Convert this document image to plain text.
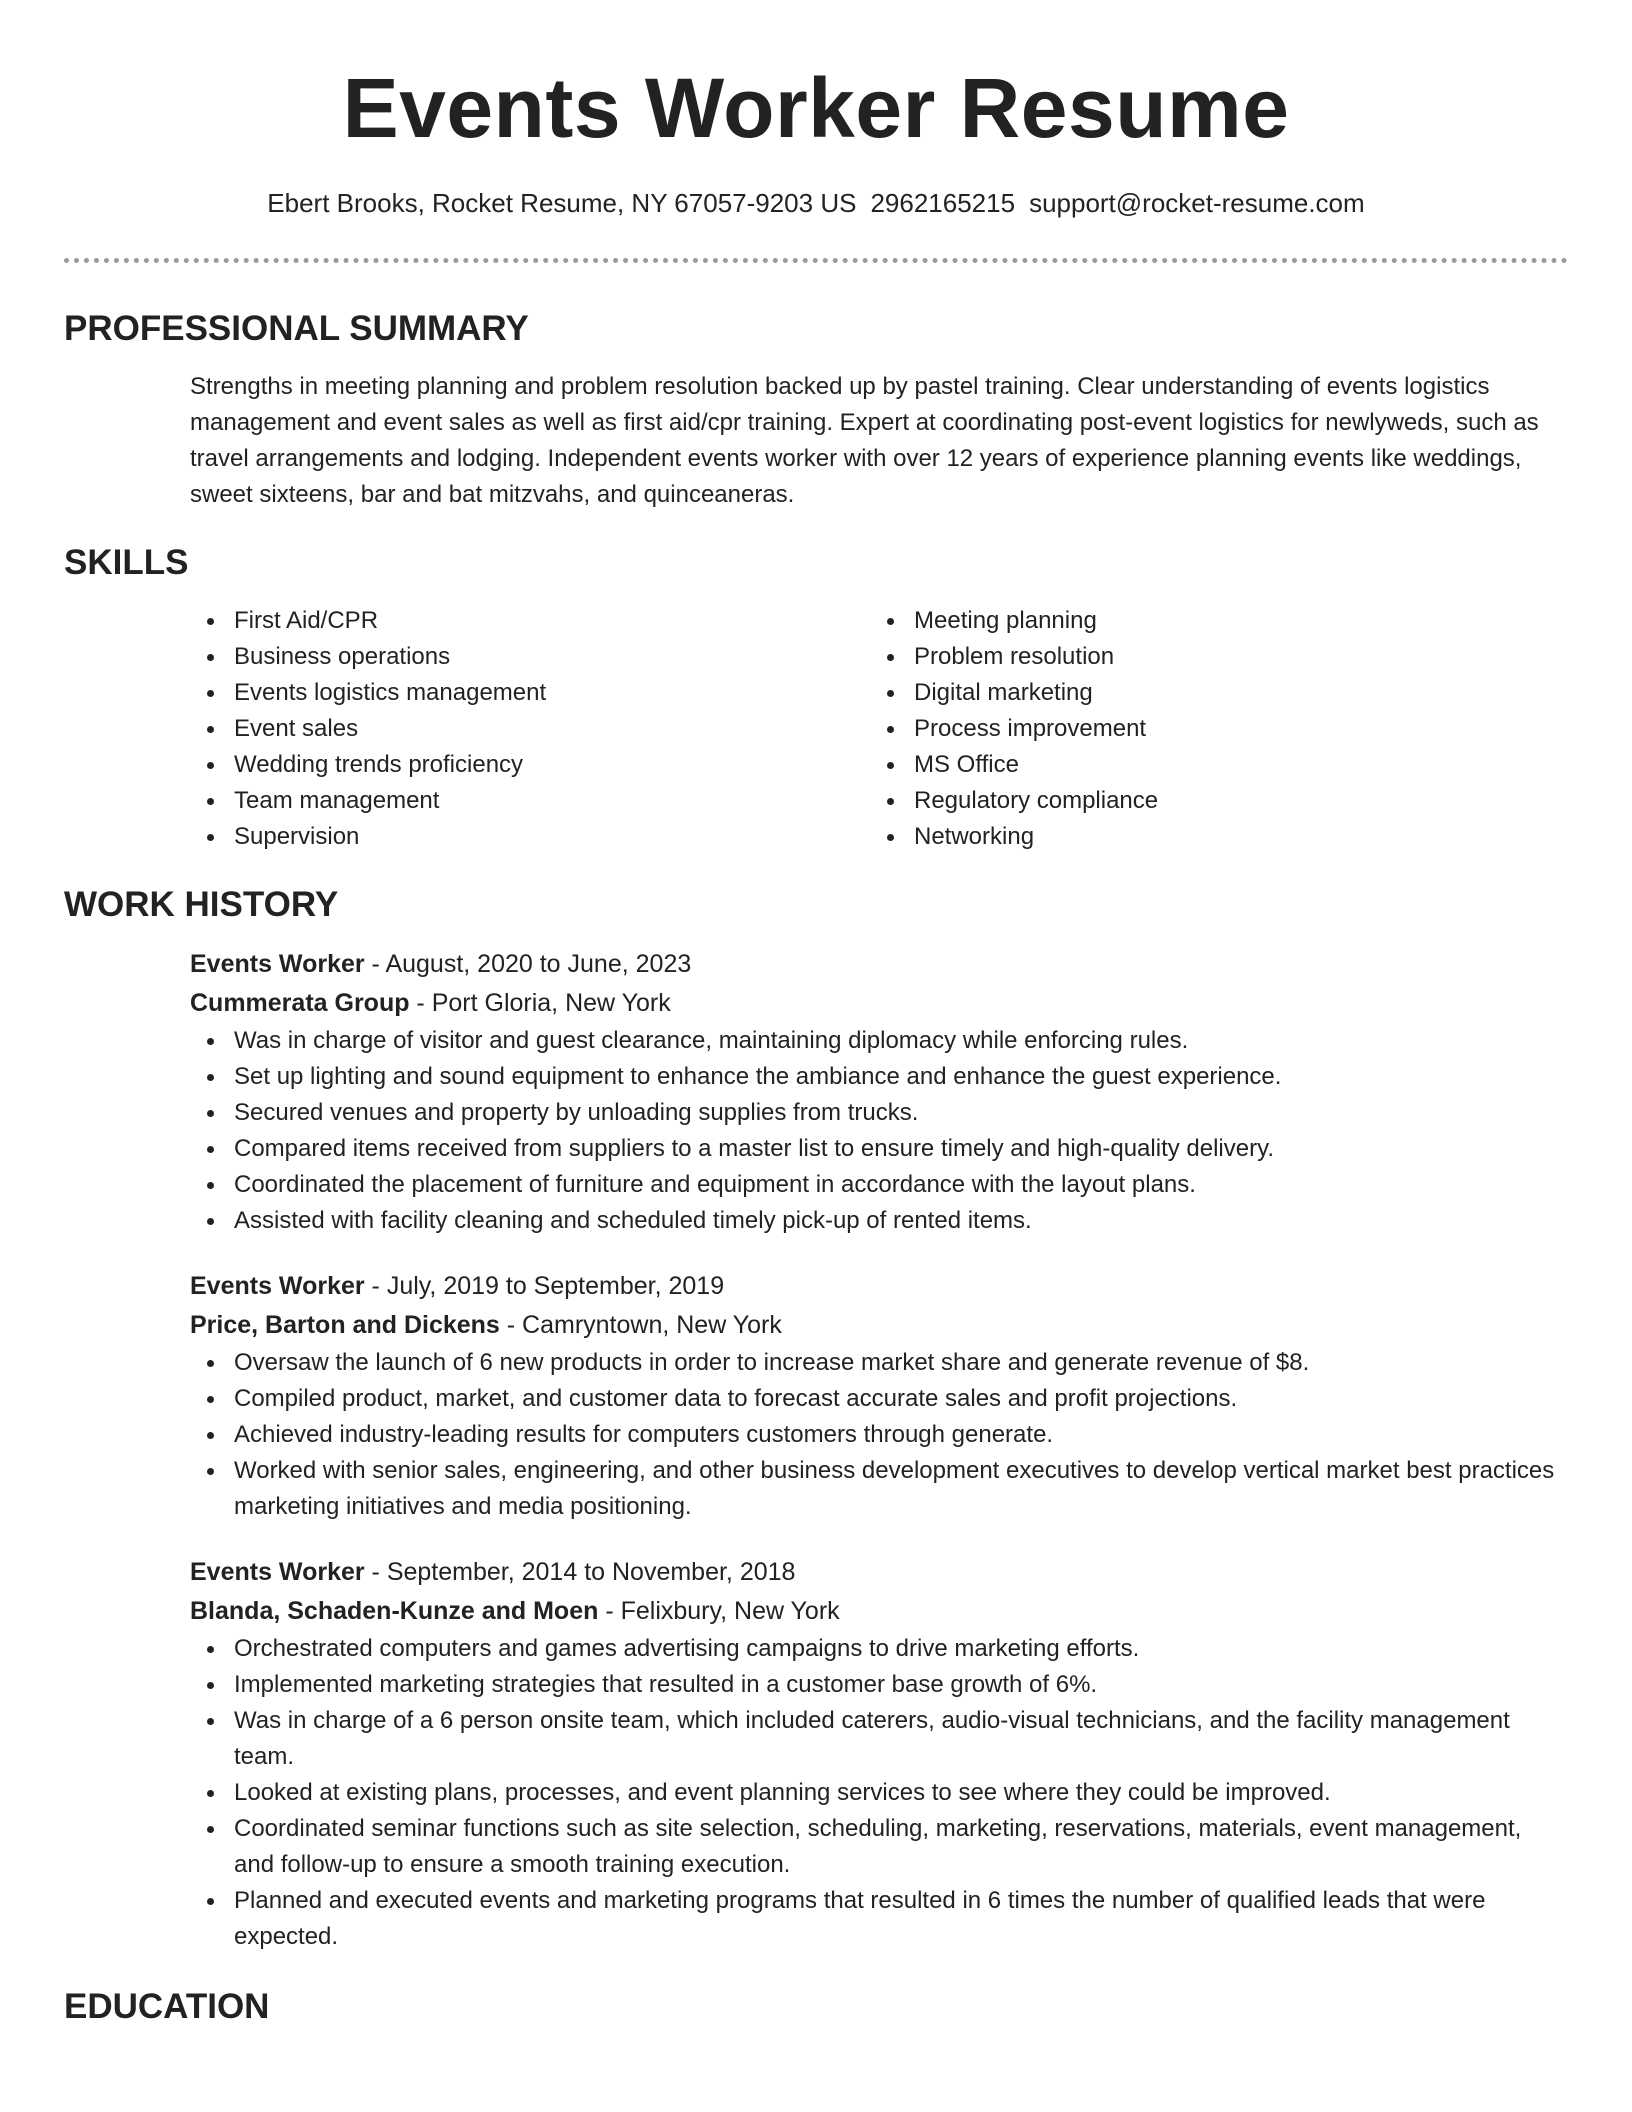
Events Worker Resume
Ebert Brooks, Rocket Resume, NY 67057-9203 US 2962165215 support@rocket-resume.com
PROFESSIONAL SUMMARY
Strengths in meeting planning and problem resolution backed up by pastel training. Clear understanding of events logistics management and event sales as well as first aid/cpr training. Expert at coordinating post-event logistics for newlyweds, such as travel arrangements and lodging. Independent events worker with over 12 years of experience planning events like weddings, sweet sixteens, bar and bat mitzvahs, and quinceaneras.
SKILLS
First Aid/CPR
Business operations
Events logistics management
Event sales
Wedding trends proficiency
Team management
Supervision
Meeting planning
Problem resolution
Digital marketing
Process improvement
MS Office
Regulatory compliance
Networking
WORK HISTORY
Events Worker - August, 2020 to June, 2023
Cummerata Group - Port Gloria, New York
Was in charge of visitor and guest clearance, maintaining diplomacy while enforcing rules.
Set up lighting and sound equipment to enhance the ambiance and enhance the guest experience.
Secured venues and property by unloading supplies from trucks.
Compared items received from suppliers to a master list to ensure timely and high-quality delivery.
Coordinated the placement of furniture and equipment in accordance with the layout plans.
Assisted with facility cleaning and scheduled timely pick-up of rented items.
Events Worker - July, 2019 to September, 2019
Price, Barton and Dickens - Camryntown, New York
Oversaw the launch of 6 new products in order to increase market share and generate revenue of $8.
Compiled product, market, and customer data to forecast accurate sales and profit projections.
Achieved industry-leading results for computers customers through generate.
Worked with senior sales, engineering, and other business development executives to develop vertical market best practices marketing initiatives and media positioning.
Events Worker - September, 2014 to November, 2018
Blanda, Schaden-Kunze and Moen - Felixbury, New York
Orchestrated computers and games advertising campaigns to drive marketing efforts.
Implemented marketing strategies that resulted in a customer base growth of 6%.
Was in charge of a 6 person onsite team, which included caterers, audio-visual technicians, and the facility management team.
Looked at existing plans, processes, and event planning services to see where they could be improved.
Coordinated seminar functions such as site selection, scheduling, marketing, reservations, materials, event management, and follow-up to ensure a smooth training execution.
Planned and executed events and marketing programs that resulted in 6 times the number of qualified leads that were expected.
EDUCATION
